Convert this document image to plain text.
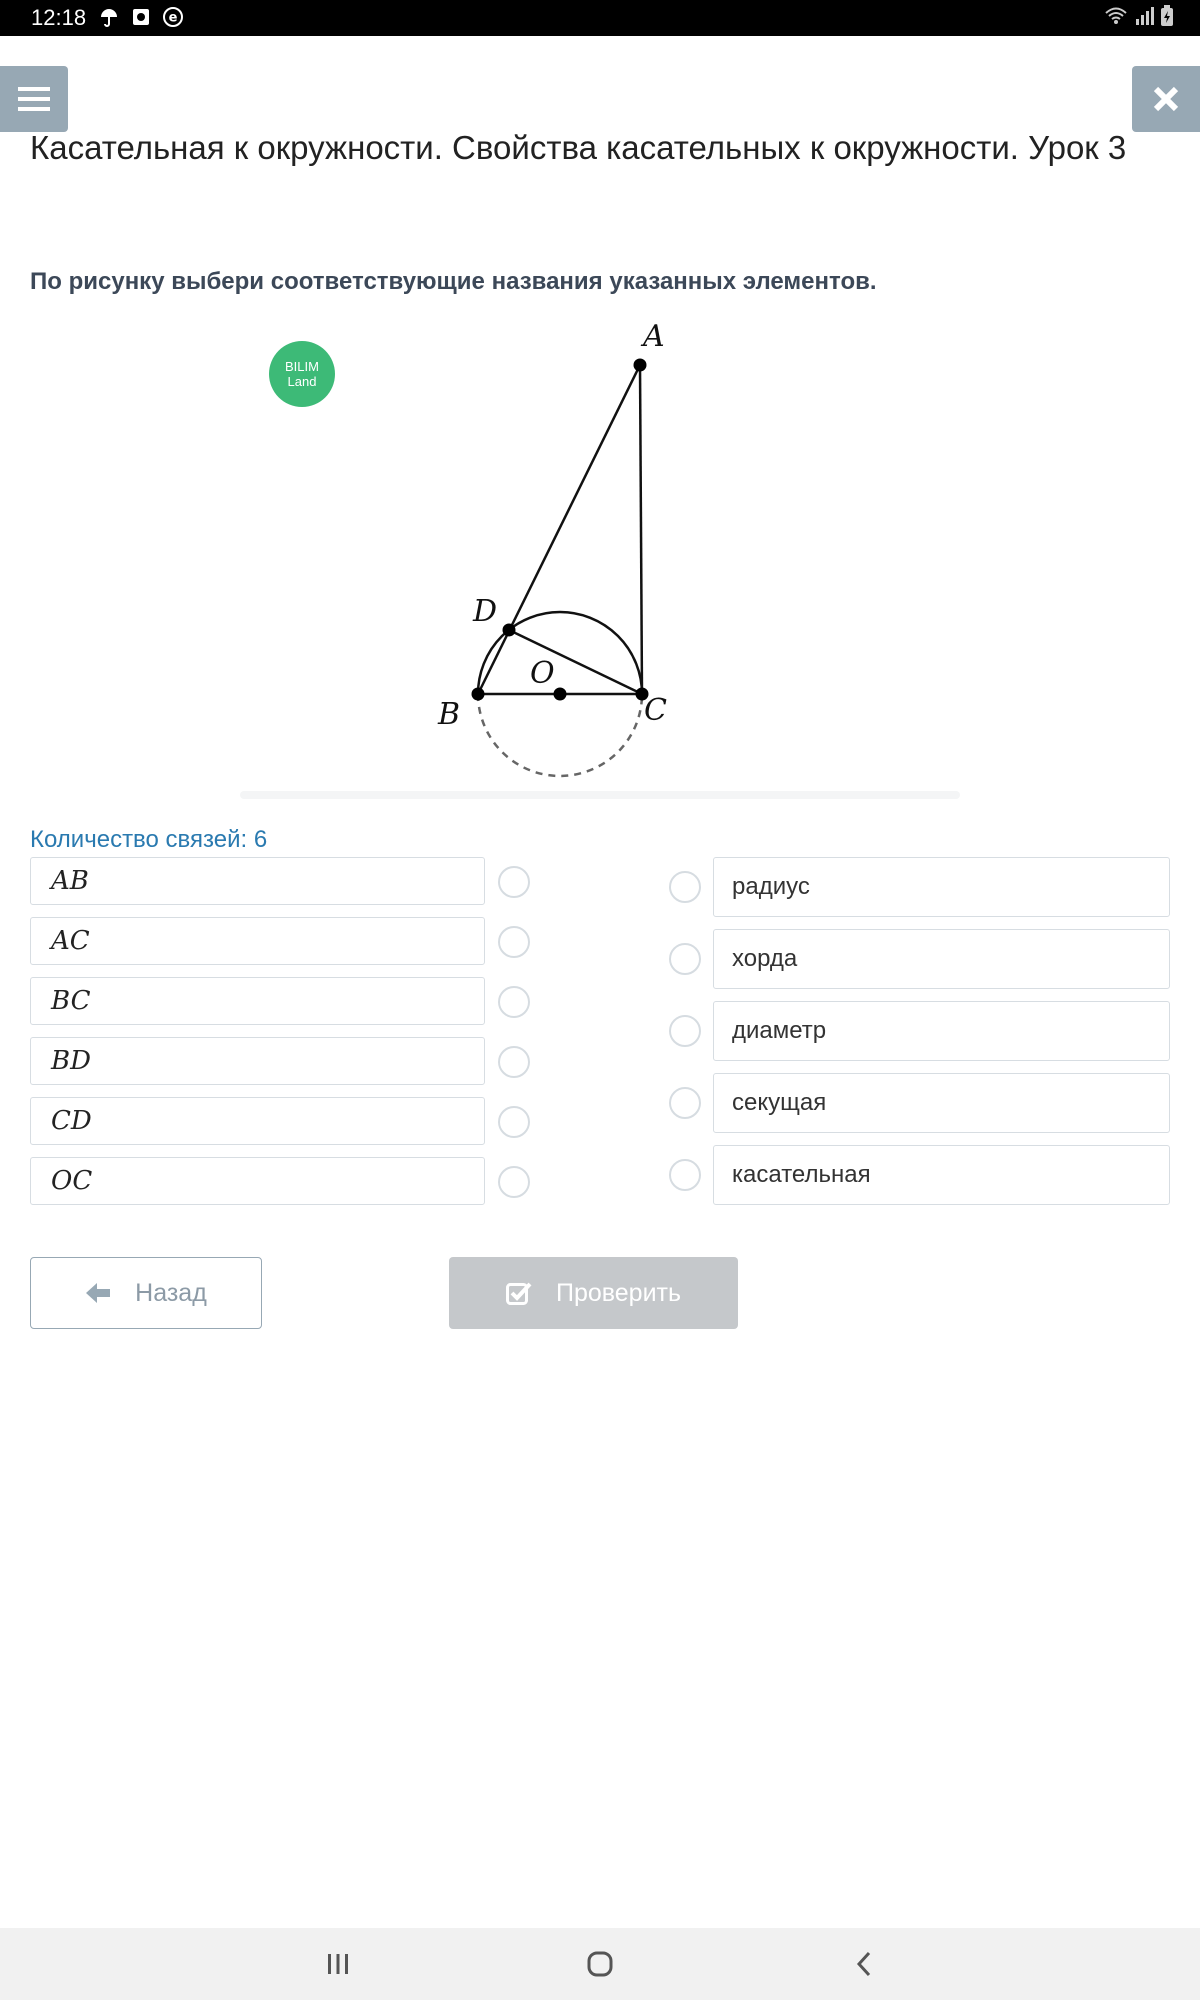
12:18	e
Касательная к окружности. Свойства касательных к окружности. Урок 3
По рисунку выбери соответствующие названия указанных элементов.
BILIM
Land
A
B	C
D
O
Количество связей: 6
AB
AC
BC
BD
CD
OC
радиус
хорда
диаметр
секущая
касательная
Назад	Проверить
